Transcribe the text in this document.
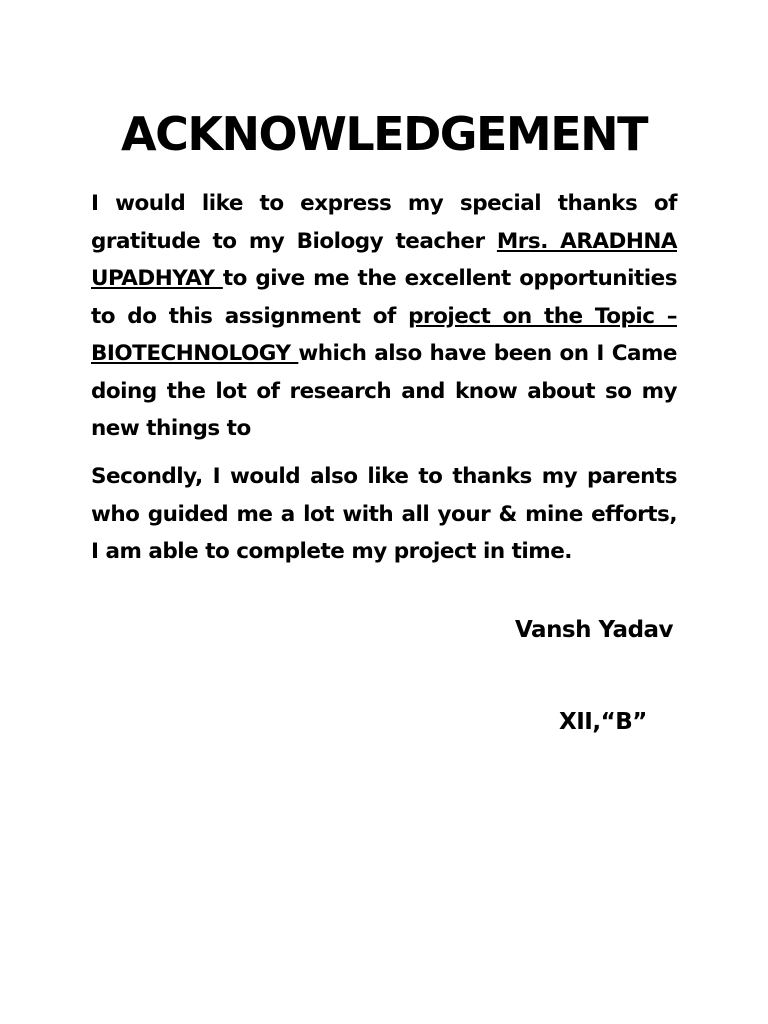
ACKNOWLEDGEMENT

I would like to express my special thanks of gratitude to my Biology teacher Mrs. ARADHNA UPADHYAY to give me the excellent opportunities to do this assignment of project on the Topic – BIOTECHNOLOGY which also have been on I Came doing the lot of research and know about so my new things to

Secondly, I would also like to thanks my parents who guided me a lot with all your & mine efforts, I am able to complete my project in time.

Vansh Yadav

XII,“B”
